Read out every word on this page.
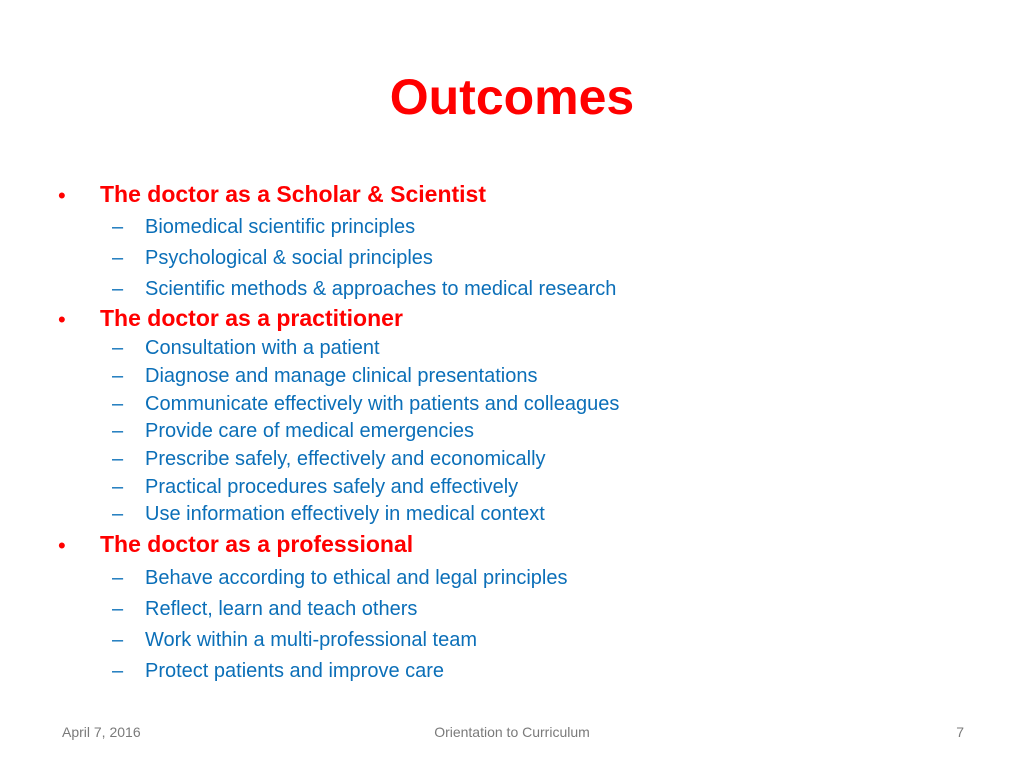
Outcomes
• The doctor as a Scholar & Scientist
– Biomedical scientific principles
– Psychological & social principles
– Scientific methods & approaches to medical research
• The doctor as a practitioner
– Consultation with a patient
– Diagnose and manage clinical presentations
– Communicate effectively with patients and colleagues
– Provide care of medical emergencies
– Prescribe safely, effectively and economically
– Practical procedures safely and effectively
– Use information effectively in medical context
• The doctor as a professional
– Behave according to ethical and legal principles
– Reflect, learn and teach others
– Work within a multi-professional team
– Protect patients and improve care
April 7, 2016	Orientation to Curriculum	7
